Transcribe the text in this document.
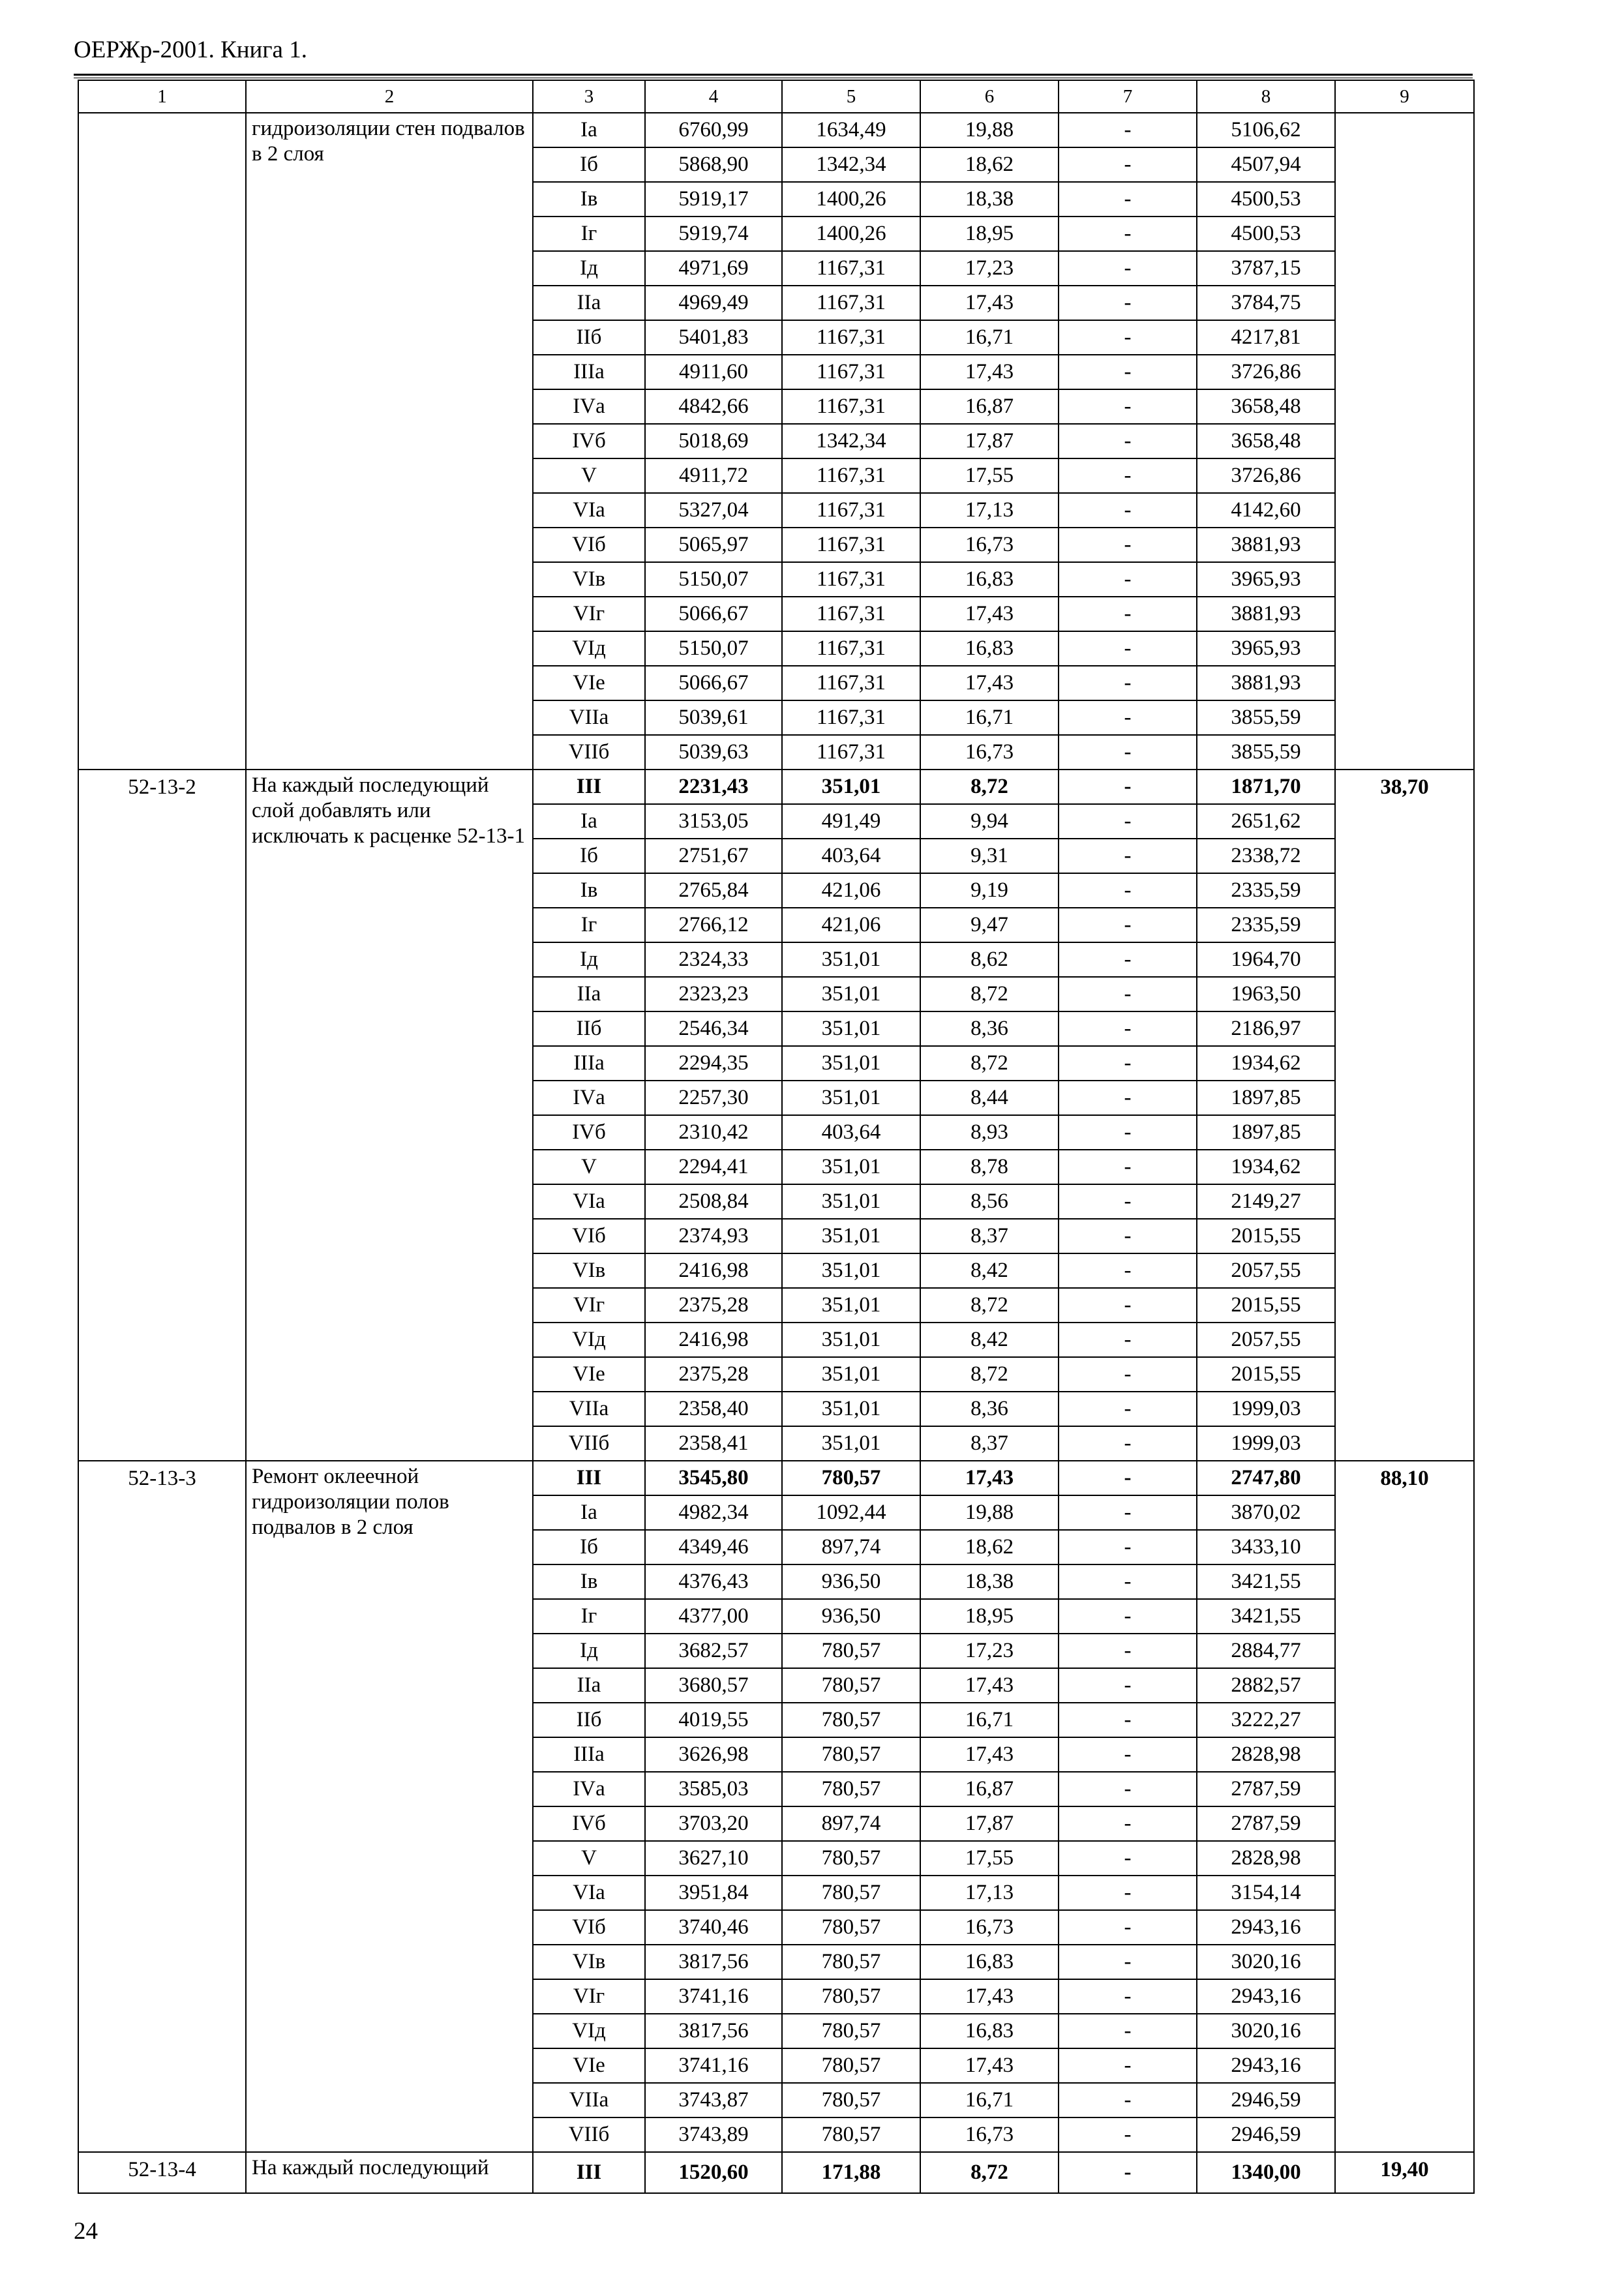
ОЕРЖр-2001. Книга 1.
1	2	3	4	5	6	7	8	9
	гидроизоляции стен подвалов в 2 слоя	Iа	6760,99	1634,49	19,88	-	5106,62	
		Iб	5868,90	1342,34	18,62	-	4507,94	
		Iв	5919,17	1400,26	18,38	-	4500,53	
		Iг	5919,74	1400,26	18,95	-	4500,53	
		Iд	4971,69	1167,31	17,23	-	3787,15	
		IIа	4969,49	1167,31	17,43	-	3784,75	
		IIб	5401,83	1167,31	16,71	-	4217,81	
		IIIа	4911,60	1167,31	17,43	-	3726,86	
		IVа	4842,66	1167,31	16,87	-	3658,48	
		IVб	5018,69	1342,34	17,87	-	3658,48	
		V	4911,72	1167,31	17,55	-	3726,86	
		VIа	5327,04	1167,31	17,13	-	4142,60	
		VIб	5065,97	1167,31	16,73	-	3881,93	
		VIв	5150,07	1167,31	16,83	-	3965,93	
		VIг	5066,67	1167,31	17,43	-	3881,93	
		VIд	5150,07	1167,31	16,83	-	3965,93	
		VIе	5066,67	1167,31	17,43	-	3881,93	
		VIIа	5039,61	1167,31	16,71	-	3855,59	
		VIIб	5039,63	1167,31	16,73	-	3855,59	
52-13-2	На каждый последующий слой добавлять или исключать к расценке 52-13-1	III	2231,43	351,01	8,72	-	1871,70	38,70
		Iа	3153,05	491,49	9,94	-	2651,62	
		Iб	2751,67	403,64	9,31	-	2338,72	
		Iв	2765,84	421,06	9,19	-	2335,59	
		Iг	2766,12	421,06	9,47	-	2335,59	
		Iд	2324,33	351,01	8,62	-	1964,70	
		IIа	2323,23	351,01	8,72	-	1963,50	
		IIб	2546,34	351,01	8,36	-	2186,97	
		IIIа	2294,35	351,01	8,72	-	1934,62	
		IVа	2257,30	351,01	8,44	-	1897,85	
		IVб	2310,42	403,64	8,93	-	1897,85	
		V	2294,41	351,01	8,78	-	1934,62	
		VIа	2508,84	351,01	8,56	-	2149,27	
		VIб	2374,93	351,01	8,37	-	2015,55	
		VIв	2416,98	351,01	8,42	-	2057,55	
		VIг	2375,28	351,01	8,72	-	2015,55	
		VIд	2416,98	351,01	8,42	-	2057,55	
		VIе	2375,28	351,01	8,72	-	2015,55	
		VIIа	2358,40	351,01	8,36	-	1999,03	
		VIIб	2358,41	351,01	8,37	-	1999,03	
52-13-3	Ремонт оклеечной гидроизоляции полов подвалов в 2 слоя	III	3545,80	780,57	17,43	-	2747,80	88,10
		Iа	4982,34	1092,44	19,88	-	3870,02	
		Iб	4349,46	897,74	18,62	-	3433,10	
		Iв	4376,43	936,50	18,38	-	3421,55	
		Iг	4377,00	936,50	18,95	-	3421,55	
		Iд	3682,57	780,57	17,23	-	2884,77	
		IIа	3680,57	780,57	17,43	-	2882,57	
		IIб	4019,55	780,57	16,71	-	3222,27	
		IIIа	3626,98	780,57	17,43	-	2828,98	
		IVа	3585,03	780,57	16,87	-	2787,59	
		IVб	3703,20	897,74	17,87	-	2787,59	
		V	3627,10	780,57	17,55	-	2828,98	
		VIа	3951,84	780,57	17,13	-	3154,14	
		VIб	3740,46	780,57	16,73	-	2943,16	
		VIв	3817,56	780,57	16,83	-	3020,16	
		VIг	3741,16	780,57	17,43	-	2943,16	
		VIд	3817,56	780,57	16,83	-	3020,16	
		VIе	3741,16	780,57	17,43	-	2943,16	
		VIIа	3743,87	780,57	16,71	-	2946,59	
		VIIб	3743,89	780,57	16,73	-	2946,59	
52-13-4	На каждый последующий	III	1520,60	171,88	8,72	-	1340,00	19,40
24
